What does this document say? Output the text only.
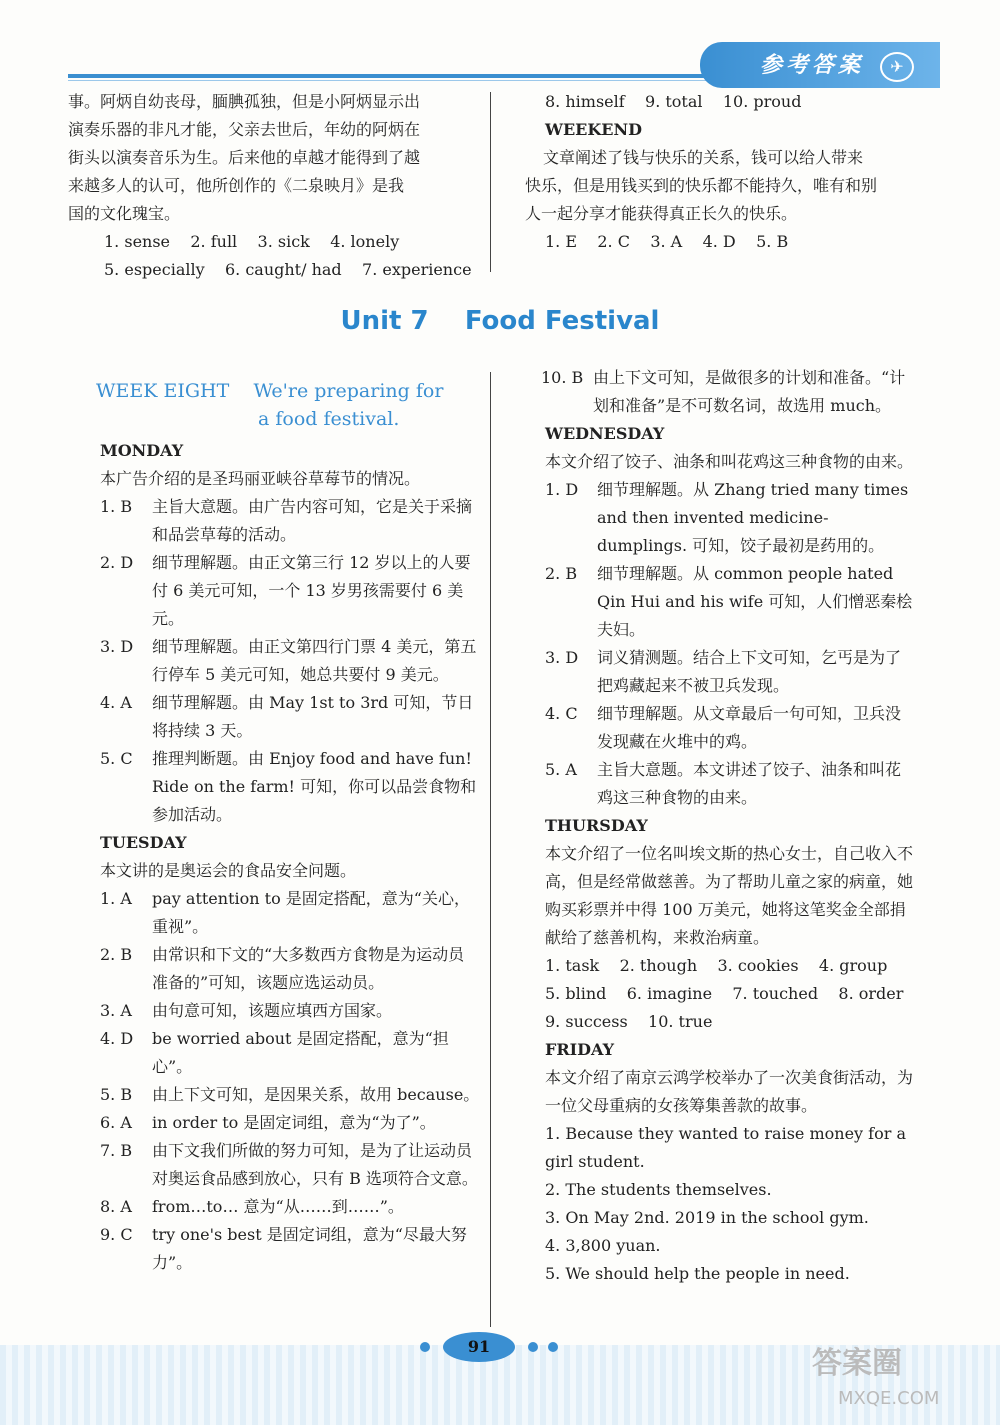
参考答案	✈

事。阿炳自幼丧母，腼腆孤独，但是小阿炳显示出

演奏乐器的非凡才能，父亲去世后，年幼的阿炳在

街头以演奏音乐为生。后来他的卓越才能得到了越

来越多人的认可，他所创作的《二泉映月》是我

国的文化瑰宝。

1. sense    2. full    3. sick    4. lonely

5. especially    6. caught/ had    7. experience

8. himself    9. total    10. proud

WEEKEND

文章阐述了钱与快乐的关系，钱可以给人带来

快乐，但是用钱买到的快乐都不能持久，唯有和别

人一起分享才能获得真正长久的快乐。

1. E    2. C    3. A    4. D    5. B

Unit 7    Food Festival

WEEK EIGHT    We're preparing for

a food festival.

MONDAY

本广告介绍的是圣玛丽亚峡谷草莓节的情况。

1. B	主旨大意题。由广告内容可知，它是关于采摘和品尝草莓的活动。
2. D	细节理解题。由正文第三行 12 岁以上的人要付 6 美元可知，一个 13 岁男孩需要付 6 美元。
3. D	细节理解题。由正文第四行门票 4 美元，第五行停车 5 美元可知，她总共要付 9 美元。
4. A	细节理解题。由 May 1st to 3rd 可知，节日将持续 3 天。
5. C	推理判断题。由 Enjoy food and have fun! Ride on the farm! 可知，你可以品尝食物和参加活动。

TUESDAY

本文讲的是奥运会的食品安全问题。

1. A	pay attention to 是固定搭配，意为“关心，重视”。
2. B	由常识和下文的“大多数西方食物是为运动员准备的”可知，该题应选运动员。
3. A	由句意可知，该题应填西方国家。
4. D	be worried about 是固定搭配，意为“担心”。
5. B	由上下文可知，是因果关系，故用 because。
6. A	in order to 是固定词组，意为“为了”。
7. B	由下文我们所做的努力可知，是为了让运动员对奥运食品感到放心，只有 B 选项符合文意。
8. A	from…to… 意为“从……到……”。
9. C	try one's best 是固定词组，意为“尽最大努力”。
10. B 由上下文可知，是做很多的计划和准备。“计划和准备”是不可数名词，故选用 much。

WEDNESDAY

本文介绍了饺子、油条和叫花鸡这三种食物的由来。

1. D	细节理解题。从 Zhang tried many times and then invented medicine-dumplings. 可知，饺子最初是药用的。
2. B	细节理解题。从 common people hated Qin Hui and his wife 可知，人们憎恶秦桧夫妇。
3. D	词义猜测题。结合上下文可知，乞丐是为了把鸡藏起来不被卫兵发现。
4. C	细节理解题。从文章最后一句可知，卫兵没发现藏在火堆中的鸡。
5. A	主旨大意题。本文讲述了饺子、油条和叫花鸡这三种食物的由来。

THURSDAY

本文介绍了一位名叫埃文斯的热心女士，自己收入不高，但是经常做慈善。为了帮助儿童之家的病童，她购买彩票并中得 100 万美元，她将这笔奖金全部捐献给了慈善机构，来救治病童。

1. task    2. though    3. cookies    4. group

5. blind    6. imagine    7. touched    8. order

9. success    10. true

FRIDAY

本文介绍了南京云鸿学校举办了一次美食街活动，为一位父母重病的女孩筹集善款的故事。

1. Because they wanted to raise money for a girl student.

2. The students themselves.

3. On May 2nd. 2019 in the school gym.

4. 3,800 yuan.

5. We should help the people in need.

91	答案圈
MXQE.COM
